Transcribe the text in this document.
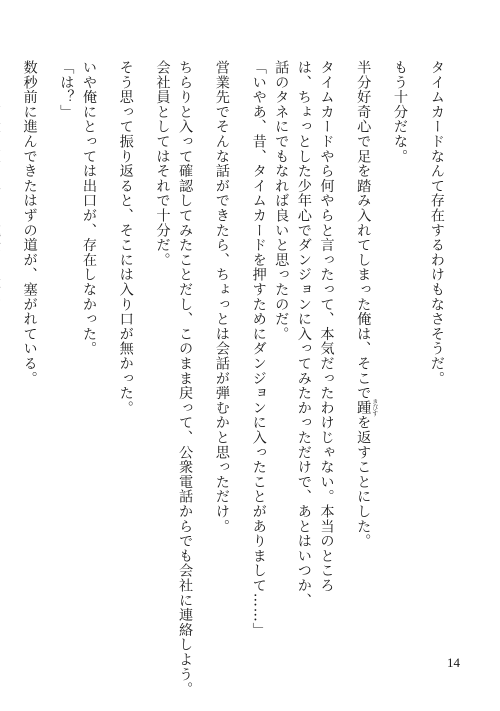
タイムカードなんて存在するわけもなさそうだ。
もう十分だな。
半分好奇心で足を踏み入れてしまった俺は、そこで踵 きびすを返すことにした。
タイムカードやら何やらと言ったって、本気だったわけじゃない。本当のところは、ちょっとした少年心でダンジョンに入ってみたかっただけで、あとはいつか、話のタネにでもなれば良いと思ったのだ。
「いやあ、昔、タイムカードを押すためにダンジョンに入ったことがありまして……」
営業先でそんな話ができたら、ちょっとは会話が弾むかと思っただけ。
ちらりと入って確認してみたことだし、このまま戻って、公衆電話からでも会社に連絡しよう。
会社員としてはそれで十分だ。
そう思って振り返ると、そこには入り口が無かった。
いや俺にとっては出口が、存在しなかった。
「は？」
数秒前に進んできたはずの道が、塞がれている。
14
